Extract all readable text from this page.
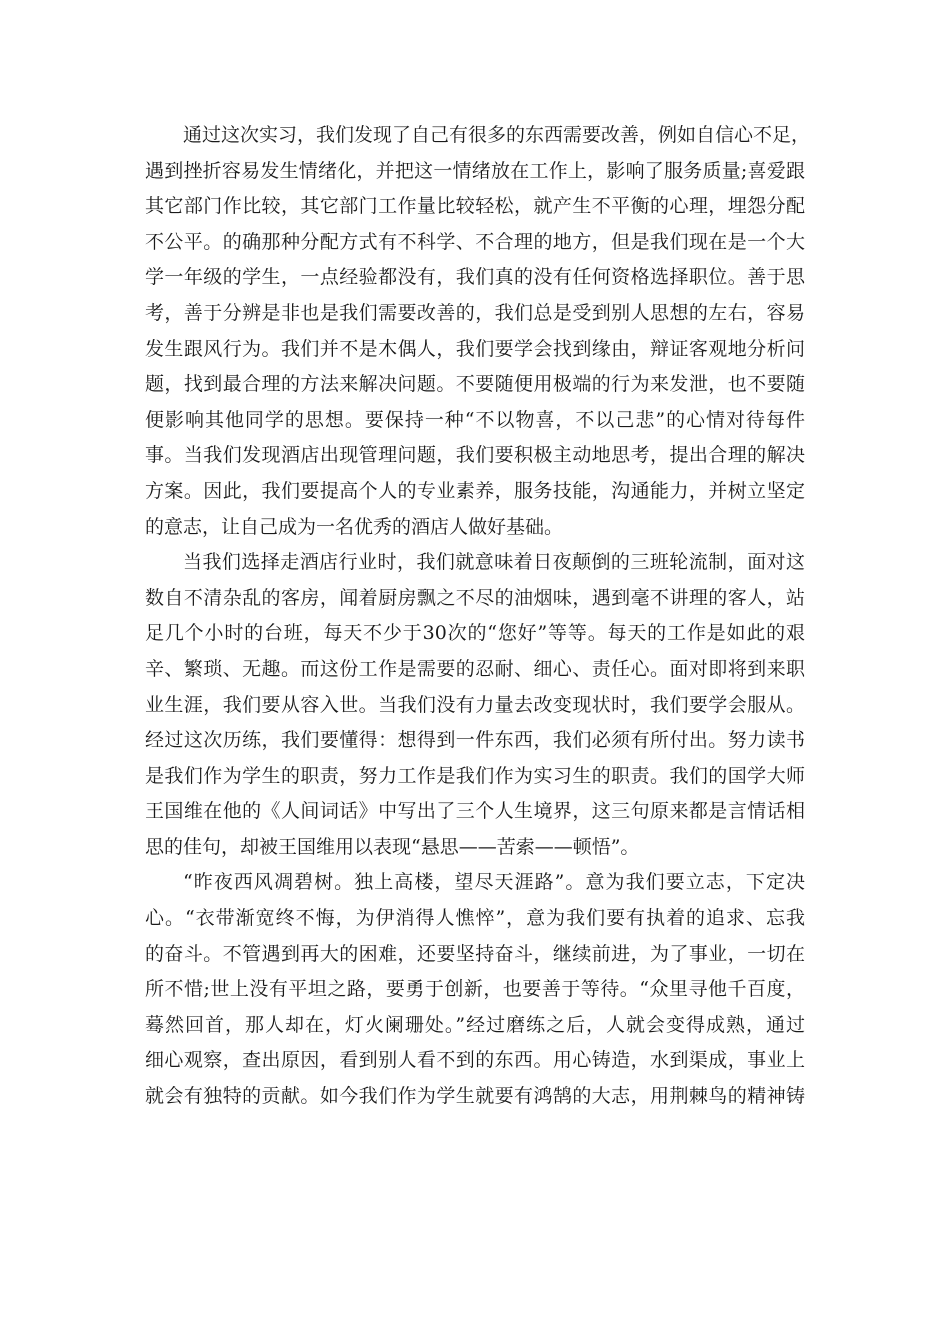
通过这次实习，我们发现了自己有很多的东西需要改善，例如自信心不足，
遇到挫折容易发生情绪化，并把这一情绪放在工作上，影响了服务质量;喜爱跟
其它部门作比较，其它部门工作量比较轻松，就产生不平衡的心理，埋怨分配
不公平。的确那种分配方式有不科学、不合理的地方，但是我们现在是一个大
学一年级的学生，一点经验都没有，我们真的没有任何资格选择职位。善于思
考，善于分辨是非也是我们需要改善的，我们总是受到别人思想的左右，容易
发生跟风行为。我们并不是木偶人，我们要学会找到缘由，辩证客观地分析问
题，找到最合理的方法来解决问题。不要随便用极端的行为来发泄，也不要随
便影响其他同学的思想。要保持一种“不以物喜，不以己悲”的心情对待每件
事。当我们发现酒店出现管理问题，我们要积极主动地思考，提出合理的解决
方案。因此，我们要提高个人的专业素养，服务技能，沟通能力，并树立坚定
的意志，让自己成为一名优秀的酒店人做好基础。
当我们选择走酒店行业时，我们就意味着日夜颠倒的三班轮流制，面对这
数自不清杂乱的客房，闻着厨房飘之不尽的油烟味，遇到毫不讲理的客人，站
足几个小时的台班，每天不少于30次的“您好”等等。每天的工作是如此的艰
辛、繁琐、无趣。而这份工作是需要的忍耐、细心、责任心。面对即将到来职
业生涯，我们要从容入世。当我们没有力量去改变现状时，我们要学会服从。
经过这次历练，我们要懂得：想得到一件东西，我们必须有所付出。努力读书
是我们作为学生的职责，努力工作是我们作为实习生的职责。我们的国学大师
王国维在他的《人间词话》中写出了三个人生境界，这三句原来都是言情话相
思的佳句，却被王国维用以表现“悬思——苦索——顿悟”。
“昨夜西风凋碧树。独上高楼，望尽天涯路”。意为我们要立志，下定决
心。“衣带渐宽终不悔，为伊消得人憔悴”，意为我们要有执着的追求、忘我
的奋斗。不管遇到再大的困难，还要坚持奋斗，继续前进，为了事业，一切在
所不惜;世上没有平坦之路，要勇于创新，也要善于等待。“众里寻他千百度，
蓦然回首，那人却在，灯火阑珊处。”经过磨练之后，人就会变得成熟，通过
细心观察，查出原因，看到别人看不到的东西。用心铸造，水到渠成，事业上
就会有独特的贡献。如今我们作为学生就要有鸿鹄的大志，用荆棘鸟的精神铸
